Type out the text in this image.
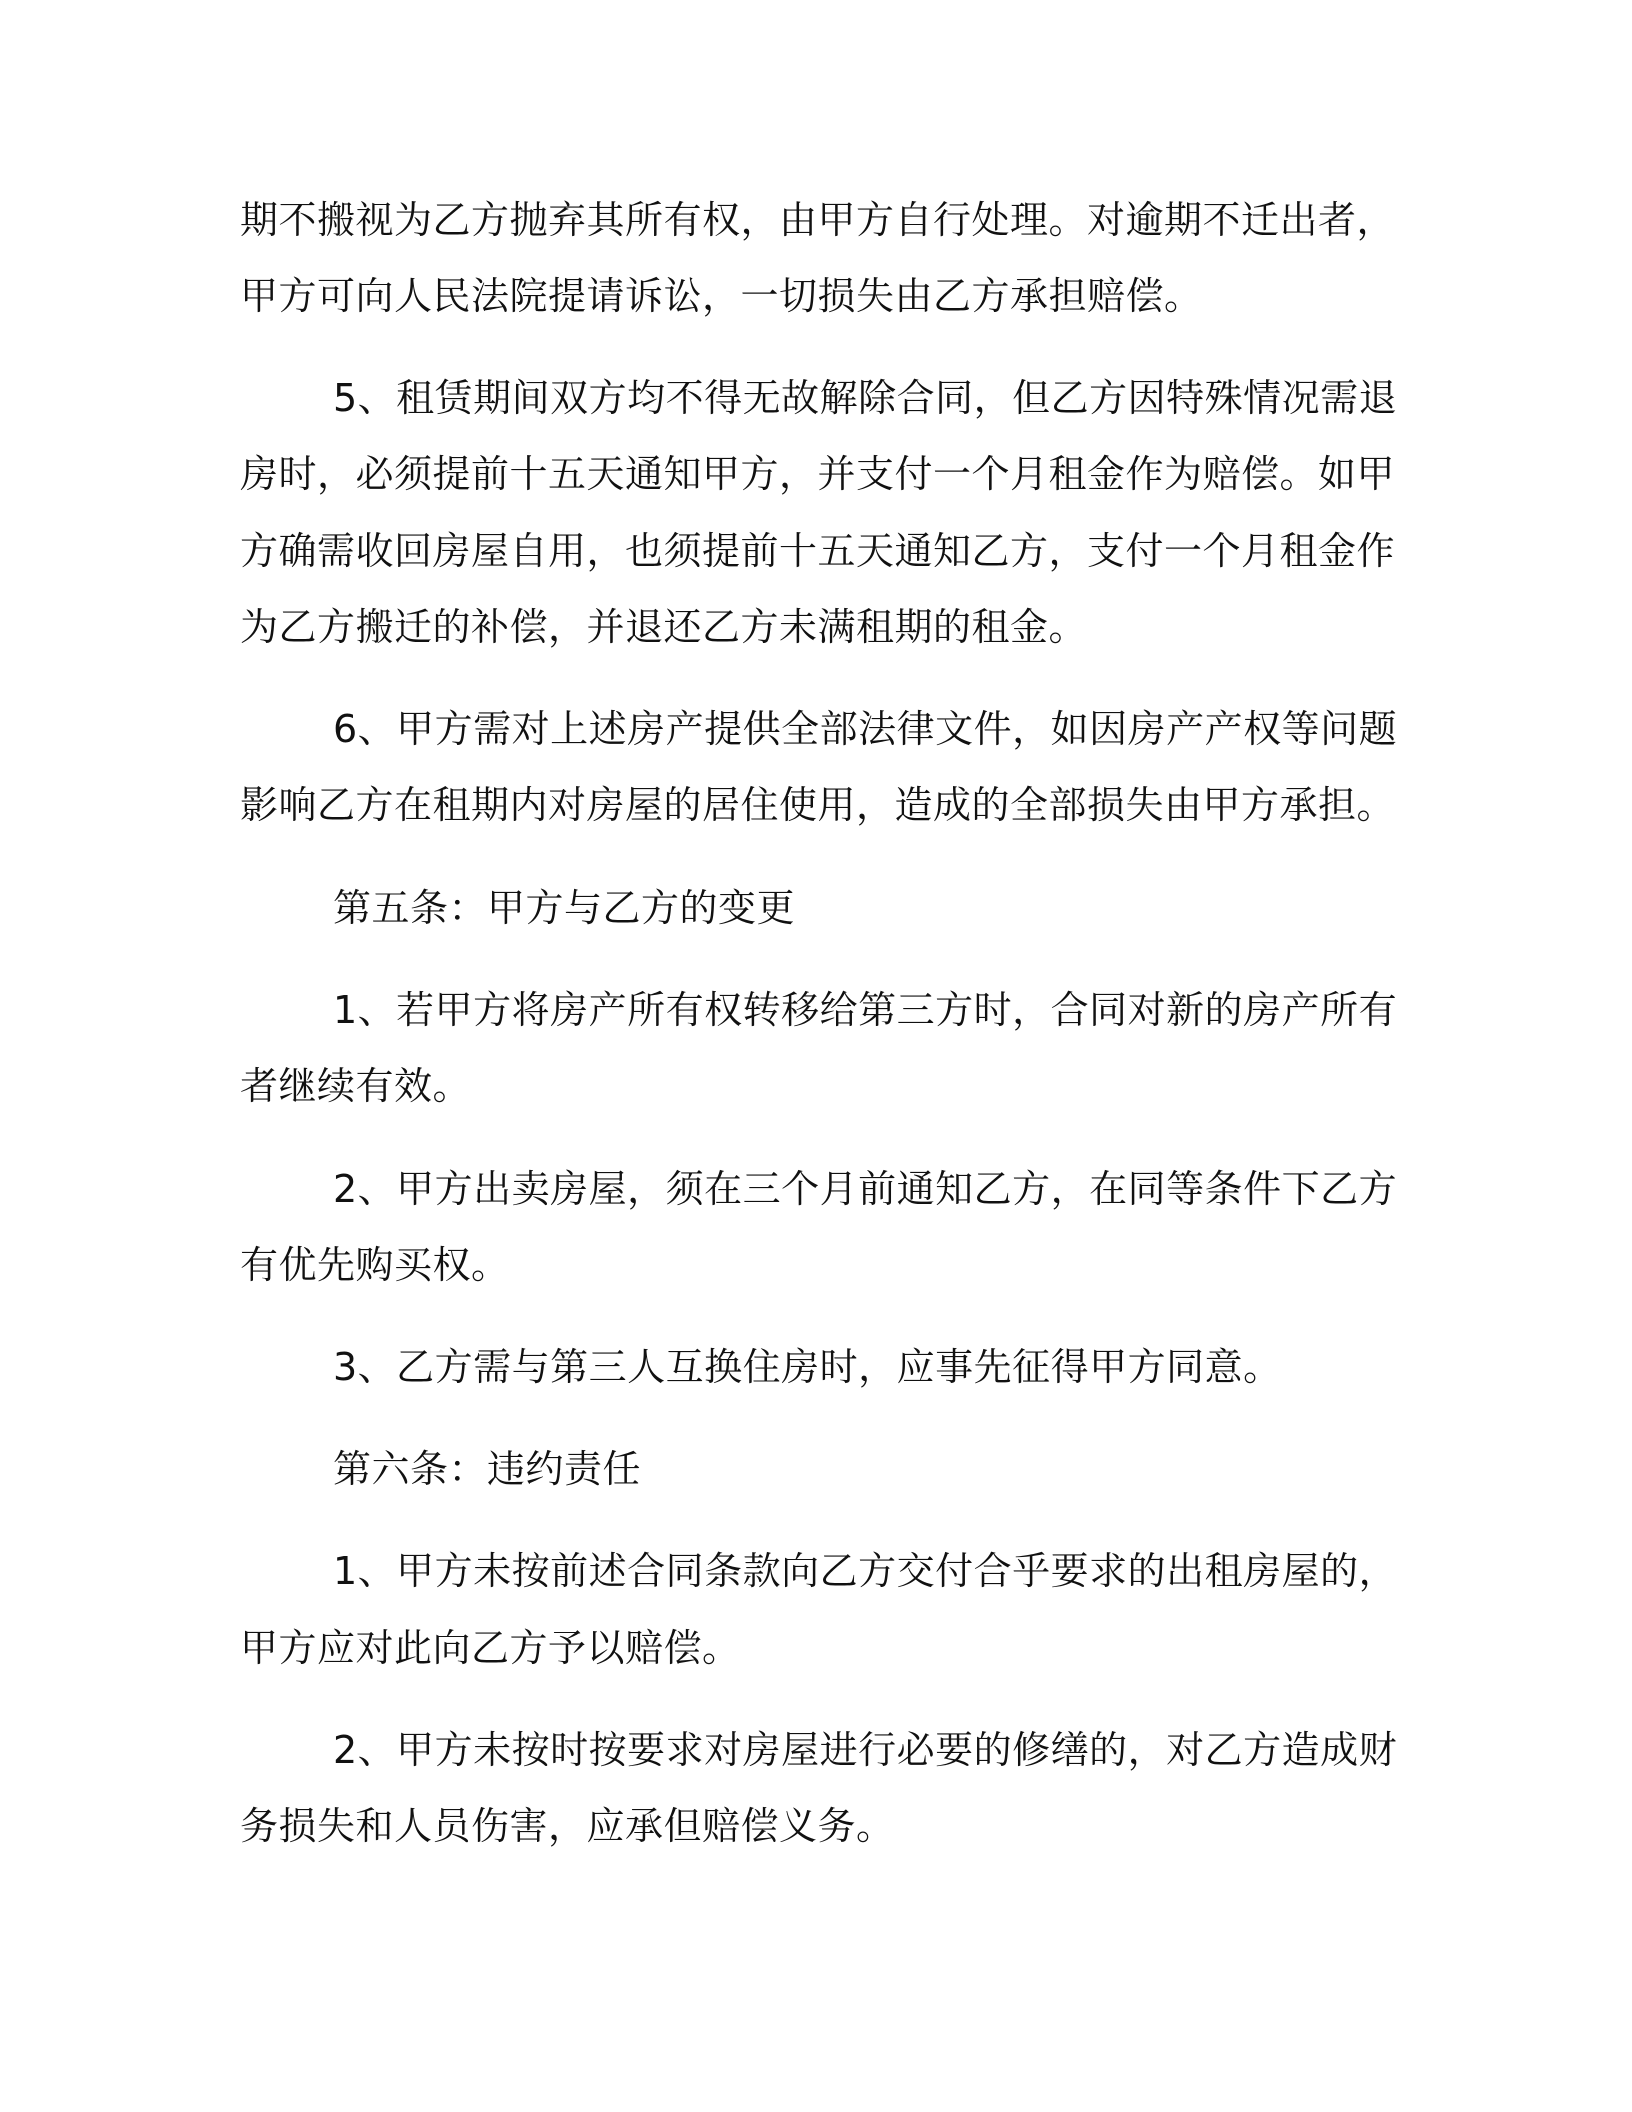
期不搬视为乙方抛弃其所有权，由甲方自行处理。对逾期不迁出者，
甲方可向人民法院提请诉讼，一切损失由乙方承担赔偿。
5、租赁期间双方均不得无故解除合同，但乙方因特殊情况需退
房时，必须提前十五天通知甲方，并支付一个月租金作为赔偿。如甲
方确需收回房屋自用，也须提前十五天通知乙方，支付一个月租金作
为乙方搬迁的补偿，并退还乙方未满租期的租金。
6、甲方需对上述房产提供全部法律文件，如因房产产权等问题
影响乙方在租期内对房屋的居住使用，造成的全部损失由甲方承担。
第五条：甲方与乙方的变更
1、若甲方将房产所有权转移给第三方时，合同对新的房产所有
者继续有效。
2、甲方出卖房屋，须在三个月前通知乙方，在同等条件下乙方
有优先购买权。
3、乙方需与第三人互换住房时，应事先征得甲方同意。
第六条：违约责任
1、甲方未按前述合同条款向乙方交付合乎要求的出租房屋的，
甲方应对此向乙方予以赔偿。
2、甲方未按时按要求对房屋进行必要的修缮的，对乙方造成财
务损失和人员伤害，应承但赔偿义务。
